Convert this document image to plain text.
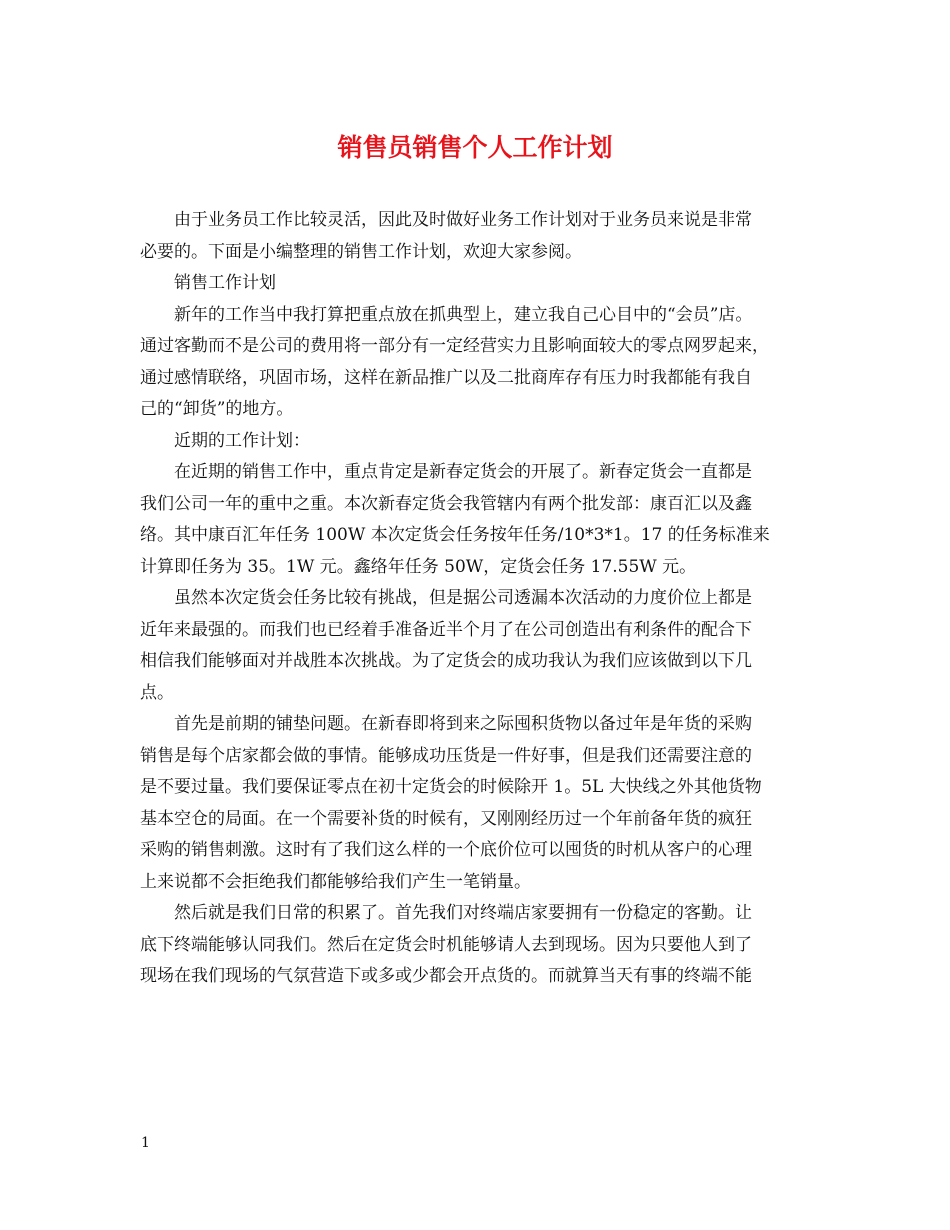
销售员销售个人工作计划

由于业务员工作比较灵活，因此及时做好业务工作计划对于业务员来说是非常
必要的。下面是小编整理的销售工作计划，欢迎大家参阅。

销售工作计划

新年的工作当中我打算把重点放在抓典型上，建立我自己心目中的“会员”店。
通过客勤而不是公司的费用将一部分有一定经营实力且影响面较大的零点网罗起来，
通过感情联络，巩固市场，这样在新品推广以及二批商库存有压力时我都能有我自
己的“卸货”的地方。

近期的工作计划：

在近期的销售工作中，重点肯定是新春定货会的开展了。新春定货会一直都是
我们公司一年的重中之重。本次新春定货会我管辖内有两个批发部：康百汇以及鑫
络。其中康百汇年任务 100W 本次定货会任务按年任务/10*3*1。17 的任务标准来
计算即任务为 35。1W 元。鑫络年任务 50W，定货会任务 17.55W 元。

虽然本次定货会任务比较有挑战，但是据公司透漏本次活动的力度价位上都是
近年来最强的。而我们也已经着手准备近半个月了在公司创造出有利条件的配合下
相信我们能够面对并战胜本次挑战。为了定货会的成功我认为我们应该做到以下几
点。

首先是前期的铺垫问题。在新春即将到来之际囤积货物以备过年是年货的采购
销售是每个店家都会做的事情。能够成功压货是一件好事，但是我们还需要注意的
是不要过量。我们要保证零点在初十定货会的时候除开 1。5L 大快线之外其他货物
基本空仓的局面。在一个需要补货的时候有，又刚刚经历过一个年前备年货的疯狂
采购的销售刺激。这时有了我们这么样的一个底价位可以囤货的时机从客户的心理
上来说都不会拒绝我们都能够给我们产生一笔销量。

然后就是我们日常的积累了。首先我们对终端店家要拥有一份稳定的客勤。让
底下终端能够认同我们。然后在定货会时机能够请人去到现场。因为只要他人到了
现场在我们现场的气氛营造下或多或少都会开点货的。而就算当天有事的终端不能

1
